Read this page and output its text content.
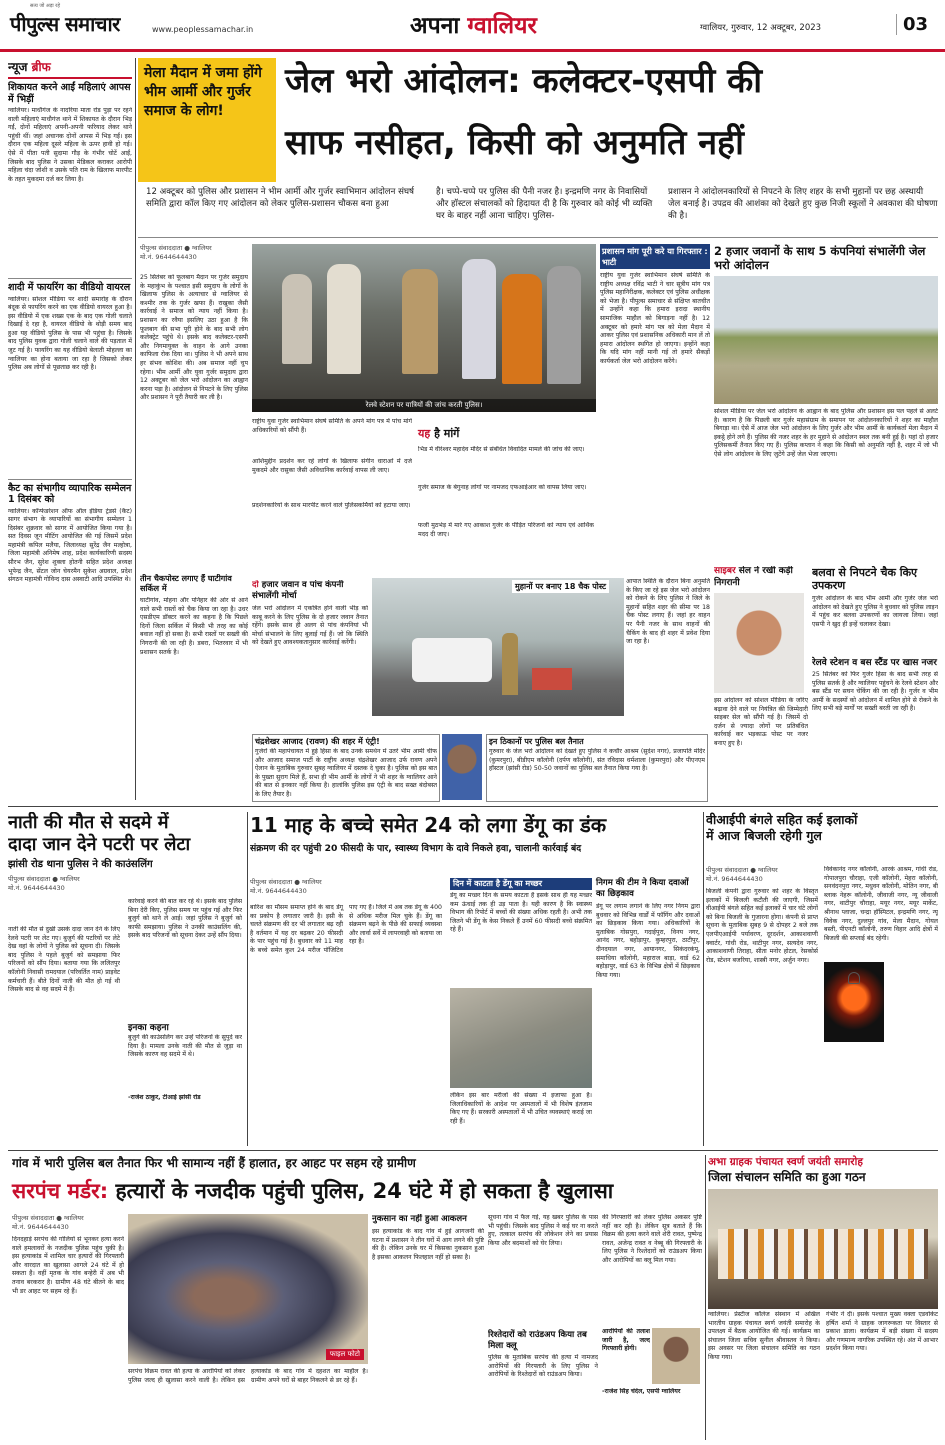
सत्य जो अड़ा रहे
पीपुल्स समाचार	www.peoplessamachar.in	अपना ग्वालियर	ग्वालियर, गुरुवार, 12 अक्टूबर, 2023	03
न्यूज ब्रीफ
शिकायत करने आईं महिलाएं आपस में भिड़ीं
ग्वालियर। माधौगंज के नादरिया माता रोड पुड़ा पर रहने वाली महिलाएं माधौगंज थाने में शिकायत के दौरान भिड़ गईं, दोनों महिलाएं अपनी-अपनी फरियाद लेकर थाने पहुंची थीं। जहां अचानक दोनों आपस में भिड़ गईं। इस दौरान एक महिला दूसरे महिला के ऊपर हावी हो गई। ऐसे में पीता पती सुदामा गौड़ के गंभीर चोटें आईं, जिसके बाद पुलिस ने उसका मेडिकल कराकर आरोपी महिला चंदा जोशी व उसके पति राम के खिलाफ मारपीट के तहत मुकदमा दर्ज कर लिया है।
शादी में फायरिंग का वीडियो वायरल
ग्वालियर। सोशल मीडिया पर शादी समारोह के दौरान बंदूक से फायरिंग करने का एक वीडियो वायरल हुआ है। इस वीडियो में एक शख्स एक के बाद एक गोली चलाते दिखाई दे रहा है, वायरल वीडियो के थोड़ी समय बाद हुआ यह वीडियो पुलिस के पास भी पहुंचा है। जिसके बाद पुलिस युवक द्वारा गोली चलाने वाले की पड़ताल में जुट गई है। फायरिंग का यह वीडियो बेलाती मोहल्ला का ग्वालियर का होना बताया जा रहा है जिसको लेकर पुलिस अब लोगों से पूछताछ कर रही है।
कैट का संभागीय व्यापारिक सम्मेलन 1 दिसंबर को
ग्वालियर। कॉन्फेडरेशन ऑफ ऑल इंडिया ट्रेडर्स (कैट) सागर संभाग के व्यापारियों का संभागीय सम्मेलन 1 दिसंबर शुक्रवार को सागर में आयोजित किया गया है। सत दिवस जून मीटिंग आयोजित की गई जिसमें प्रदेश महामंत्री कपिल मलैया, जिलाध्यक्ष सुरेंद्र जैन मल्होत्रा, जिला महामंत्री अनिमेष शाह, प्रदेश कार्यकारिणी सदस्य सौरभ जैन, सुरेश शुक्ला होतनी सहित प्रदेश अध्यक्ष भूपेन्द्र जैन, सेंटल जोन चेयरमैन सुकेश अग्रवाल, प्रदेश संगठन महामंत्री गोविन्द दास अस्वाटी आदि उपस्थित थे।
मेला मैदान में जमा होंगे भीम आर्मी और गुर्जर समाज के लोग!
जेल भरो आंदोलन: कलेक्टर-एसपी की
साफ नसीहत, किसी को अनुमति नहीं
12 अक्टूबर को पुलिस और प्रशासन ने भीम आर्मी और गुर्जर स्वाभिमान आंदोलन संघर्ष समिति द्वारा कॉल किए गए आंदोलन को लेकर पुलिस-प्रशासन चौकस बना हुआ
है। चप्पे-चप्पे पर पुलिस की पैनी नजर है। इन्द्रमणि नगर के निवासियों और हॉस्टल संचालकों को हिदायत दी है कि गुरुवार को कोई भी व्यक्ति घर के बाहर नहीं आना चाहिए। पुलिस-
प्रशासन ने आंदोलनकारियों से निपटने के लिए शहर के सभी मुहानों पर छह अस्थायी जेल बनाई है। उपद्रव की आशंका को देखते हुए कुछ निजी स्कूलों ने अवकाश की घोषणा की है।
पीपुल्स संवाददाता ● ग्वालियर
मो.नं. 9644644430
25 सितंबर को फूलबाग मैदान पर गुर्जर समुदाय के महाकुंभ के पश्चात इसी समुदाय के लोगों के खिलाफ पुलिस के अत्याचार से ग्वालियर से कश्मीर तक के गुर्जर खफा हैं। राखुका जैसी कार्रवाई ने समाज को न्याय नहीं किया है। प्रशासन का रवैया इसलिए उठा हुआ है कि फूलबाग की सभा पूरी होने के बाद सभी लोग कलेक्ट्रेट पहुंचे थे। इसके बाद कलेक्टर-एसपी और निगमायुक्त के वाहन के आगे उनका काफिला रोक दिया था। पुलिस ने भी अपने साथ हर संभव कोशिश की। अब समाज नहीं चुप रहेगा। भीम आर्मी और युवा गुर्जर समुदाय द्वारा 12 अक्टूबर को जेल भरो आंदोलन का आह्वान करना पड़ा है। आंदोलन से निपटने के लिए पुलिस और प्रशासन ने पूरी तैयारी कर ली है।
तीन चैकपोस्ट लगाए हैं घाटीगांव सर्किल में
घाटीगांव, मोहना और पनिहार की ओर से आने वाले सभी रास्तों को चैक किया जा रहा है। उधर एसडीएम डॉक्टर करने का कहना है कि पिछले दिनों जिला सर्किल में किसी भी तरह का कोई बवाल नहीं हो सका है। सभी रास्तों पर सख्ती की निगरानी की जा रही है। डबरा, भितरवार में भी प्रशासन सतर्क है।
रेलवे स्टेशन पर यात्रियों की जांच करती पुलिस।
राष्ट्रीय युवा गुर्जर स्वाभिमान संघर्ष समिति के अपने मांग पत्र में पांच मांगें अधिकारियों को सौंपी हैं।
आशिमुद्दीन प्रदर्शन कर रहे लोगों के खिलाफ संगीन धाराओं में दर्ज मुकदमे और रासुका जैसी अविधानिक कार्रवाई वापस ली जाए।
प्रदर्शनकारियों के साथ मारपीट करने वाले पुलिसकर्मियों को हटाया जाए।
यह है मांगें
भिंड में वीरेश्वर महादेव मंदिर से संबंधित विवादित मामले की जांच की जाए।
गुर्जर समाज के बेगुनाह लोगों पर नामजद एफआईआर को वापस लिया जाए।
फर्जी मुठभेड़ में मारे गए आकाश गुर्जर के पीड़ित परिजनों को न्याय एवं आर्थिक मदद दी जाए।
प्रशासन मांग पूरी करे या गिरफ्तार : भाटी
राष्ट्रीय युवा गुर्जर स्वाभिमान संघर्ष समिति के राष्ट्रीय अध्यक्ष रविंद्र भाटी ने चार सूत्रीय मांग पत्र पुलिस महानिरीक्षक, कलेक्टर एवं पुलिस अधीक्षक को भेजा है। पीपुल्स समाचार से संक्षिप्त बातचीत में उन्होंने कहा कि हमारा इरादा स्थानीय सामाजिक माहौल को बिगाड़ना नहीं है। 12 अक्टूबर को हमारे मांग पत्र को मेला मैदान में आकर पुलिस एवं प्रशासनिक अधिकारी मान लें तो हमारा आंदोलन स्थगित हो जाएगा। इन्होंने कहा कि यदि मांग नहीं मानी गई तो हमारे सैकड़ों कार्यकर्ता जेल भरो आंदोलन करेंगे।
2 हजार जवानों के साथ 5 कंपनियां संभालेंगी जेल भरो आंदोलन
सोशल मीडिया पर जेल भरो आंदोलन के आह्वान के बाद पुलिस और प्रशासन इस पल पहले से अलर्ट है। कारण है कि पिछली बार गुर्जर महासंग्राम के समापन पर आंदोलनकारियों ने शहर का माहौल बिगाड़ा था। ऐसे में आज जेल भरो आंदोलन के लिए गुर्जर और भीम आर्मी के कार्यकर्ता मेला मैदान में इकट्ठे होने लगे हैं। पुलिस की नजर शहर के हर मुहाने से आंदोलन स्थल तक बनी हुई है। यहां दो हजार पुलिसकर्मी तैनात किए गए हैं। पुलिस कप्तान ने कहा कि किसी को अनुमति नहीं है, शहर में जो भी ऐसे लोग आंदोलन के लिए जुटेंगे उन्हें जेल भेजा जाएगा।
दो हजार जवान व पांच कंपनी संभालेंगी मोर्चा
जेल भरो आंदोलन में एकत्रित होने वाली भीड़ को काबू करने के लिए पुलिस के दो हजार जवान तैनात रहेंगे। इसके साथ ही अलग से पांच कंपनियां भी मोर्चा संभालने के लिए बुलाई गई हैं। जो कि स्थिति को देखते हुए आवश्यकतानुसार कार्रवाई करेंगी।
मुहानों पर बनाए 18 चैक पोस्ट
आपात स्थिति के दौरान बिना अनुमति के किए जा रहे इस जेल भरो आंदोलन को रोकने के लिए पुलिस ने जिले के मुहानों सहित शहर की सीमा पर 18 चैक पोस्ट लगाए हैं। जहां हर वाहन पर पैनी नजर के साथ वाहनों की चैकिंग के बाद ही शहर में प्रवेश दिया जा रहा है।
साइबर सेल ने रखी कड़ी निगरानी
इस आंदोलन को सोशल मीडिया के जरिए बढ़ावा देने वाले पर नियंत्रित की जिम्मेदारी साइबर सेल को सौंपी गई है। जिसमें दो दर्जन से ज्यादा लोगों पर प्रतिबंधित कार्रवाई कर भड़काऊ पोस्ट पर नजर बनाए हुए है।
बलवा से निपटने चैक किए उपकरण
गुर्जर आंदोलन के बाद भीम आर्मी और गुर्जर जेल भरो आंदोलन को देखते हुए पुलिस ने बुधवार को पुलिस लाइन में पहुंच कर बलवा उपकरणों का जायजा लिया। जहां एसपी ने खुद ही इन्हें चलाकर देखा।
रेलवे स्टेशन व बस स्टैंड पर खास नजर
25 सितंबर को फिर गुर्जर हिंसा के बाद सभी तरह से पुलिस सतर्क है और ग्वालियर पहुंचने के रेलवे स्टेशन और बस स्टैंड पर सघन चेकिंग की जा रही है। गुर्जर व भीम आर्मी के सदस्यों को आंदोलन में शामिल होने से रोकने के लिए सभी बड़े मार्गों पर सख्ती बरती जा रही है।
चंद्रशेखर आजाद (रावण) की शहर में एंट्री!
गुर्जरों की महापंचायत में हुई हिंसा के बाद उनके समर्थन में उतरे भीम आर्मी चीफ और आजाद समाज पार्टी के राष्ट्रीय अध्यक्ष चंद्रशेखर आजाद उर्फ रावण अपने ऐलान के मुताबिक गुरुवार सुबह ग्वालियर में दस्तक दे चुका है। पुलिस को इस बात के पुख्ता सुराग मिले हैं, सभा ही भीम आर्मी के लोगों ने भी शहर के ग्वालियर आने की बात से इनकार नहीं किया है। हालांकि पुलिस इस एंट्री के बाद सख्त बंदोबस्त के लिए तैयार है।
इन ठिकानों पर पुलिस बल तैनात
गुरुवार के जेल भरो आंदोलन को देखते हुए पुलिस ने कचौर आश्रम (सुदेश नगर), प्रजापति मंदिर (कुमरपुरा), बीडीएम कॉलोनी (दर्पण कॉलोनी), संत रविदास धर्मशाला (कुमरपुरा) और पीएनएम हॉस्टल (झांसी रोड) 50-50 जवानों का पुलिस बल तैनात किया गया है।
नाती की मौत से सदमे में
दादा जान देने पटरी पर लेटा
झांसी रोड थाना पुलिस ने की काउंसलिंग
पीपुल्स संवाददाता ● ग्वालियर
मो.नं. 9644644430
नाती की मौत से दुखी उसके दादा जान देने के लिए रेलवे पटरी पर लेट गए। बुजुर्ग की पटरियों पर लेटे देख वहां के लोगों ने पुलिस को सूचना दी। जिसके बाद पुलिस ने पहले बुजुर्ग को समझाया फिर परिजनों को सौंप दिया। बताया गया कि ललितपुर कॉलोनी निवासी रामदयाल (परिवर्तित नाम) प्राइवेट कर्मचारी हैं। बीते दिनों नाती की मौत हो गई थी जिसके बाद से वह सदमे में हैं।
कार्रवाई करने की बात कर रहे थे। इसके बाद पुलिस बिना देरी किए, पुलिस समय पर पहुंच गई और फिर बुजुर्ग को थाने ले आई। जहां पुलिस ने बुजुर्ग को काफी समझाया। पुलिस ने उनकी काउंसलिंग की, इसके बाद परिजनों को सूचना देकर उन्हें सौंप दिया।
इनका कहना
बुजुर्ग की काउंसलिंग कर उन्हें परिजनों के सुपुर्द कर दिया है। मामला उनके नाती की मौत से जुड़ा था जिसके कारण वह सदमे में थे।
-राजेश ठाकुर, टीआई झांसी रोड
11 माह के बच्चे समेत 24 को लगा डेंगू का डंक
संक्रमण की दर पहुंची 20 फीसदी के पार, स्वास्थ्य विभाग के दावे निकले हवा, चालानी कार्रवाई बंद
पीपुल्स संवाददाता ● ग्वालियर
मो.नं. 9644644430
बारिश का मौसम समाप्त होने के बाद डेंगू का प्रकोप है लगातार जारी है। इसी के चलते संक्रमण की दर भी लगातार बढ़ रही है वर्तमान में यह दर बढ़कर 20 फीसदी के पार पहुंच गई है। बुधवार को 11 माह के बच्चे समेत कुल 24 मरीज पॉजिटिव पाए गए हैं। जिले में अब तक डेंगू के 400 से अधिक मरीज मिल चुके हैं। डेंगू का संक्रमण बढ़ने के पीछे की सफाई व्यवस्था और लार्वा सर्वे में लापरवाही को बताया जा रहा है।
दिन में काटता है डेंगू का मच्छर
डेंगू का मच्छर दिन के समय काटता है इसके साथ ही यह मच्छर कम ऊंचाई तक ही उड़ पाता है। यही कारण है कि स्वास्थ्य विभाग की रिपोर्ट में बच्चों की संख्या अधिक रहती है। अभी तक जितने भी डेंगू के केस निकले हैं उनमें 60 फीसदी बच्चे संक्रमित रहे हैं।
लेकिन इस बार मरीजों की संख्या में इजाफा हुआ है। जिलाधिकारियों के आदेश पर अस्पतालों में भी विशेष इंतजाम किए गए हैं। सरकारी अस्पतालों में भी उचित व्यवस्थाएं कराई जा रही हैं।
निगम की टीम ने किया दवाओं का छिड़काव
डेंगू पर लगाम लगाने के लिए नगर निगम द्वारा बुधवार को विभिन्न वार्डों में फॉगिंग और दवाओं का छिड़काव किया गया। अधिकारियों के मुताबिक गोसपुरा, गदाईपुरा, विनय नगर, आनंद नगर, बहोड़ापुर, कुम्हरपुरा, ठाटीपुर, दीनदयाल नगर, आयानगर, सिकंदरकंपू, समाधिया कॉलोनी, महाराज बाड़ा, वार्ड 62 बहोड़ापुर, वार्ड 63 के विभिन्न क्षेत्रों में छिड़काव किया गया।
वीआईपी बंगले सहित कई इलाकों
में आज बिजली रहेगी गुल
पीपुल्स संवाददाता ● ग्वालियर
मो.नं. 9644644430
बिजली कंपनी द्वारा गुरुवार को शहर के विस्तृत इलाकों में बिजली कटौती की जाएगी, जिसमें वीआईपी बंगले सहित कई इलाकों में चार घंटे लोगों को बिना बिजली के गुजारना होगा। कंपनी से प्राप्त सूचना के मुताबिक सुबह 9 से दोपहर 2 बजे तक एलपीएआईपी पर्यावरण, दूरदर्शन, आकाशवाणी क्वार्टर, गांधी रोड, थाटीपुर नगर, सत्यदेव नगर, आकाशवाणी तिराहा, सीता मनोर होटल, रेसकोर्स रोड, स्टेशन बजरिया, शास्त्री नगर, अर्जुन नगर।
विवेकानंद नगर कॉलोनी, आरके आश्रम, गांधी रोड, गोपालपुरा चौराहा, एजी कॉलोनी, मेहरा कॉलोनी, सनवंदनपुरा नगर, मधुवन कॉलोनी, मोतिन नगर, बी ब्लाक नेहरू कॉलोनी, जीवाजी नगर, न्यू जीवाजी नगर, थाटीपुर चौराहा, मयूर नगर, मयूर मार्केट, श्रीनाथ प्लाजा, चन्द्रा हॉस्पिटल, इन्द्रमणि नगर, न्यू विवेक नगर, दुल्लपुर गांव, मेला मैदान, गोयल बस्ती, पीएनटी कॉलोनी, तरुण विहार आदि क्षेत्रों में बिजली की सप्लाई बंद रहेगी।
गांव में भारी पुलिस बल तैनात फिर भी सामान्य नहीं हैं हालात, हर आहट पर सहम रहे ग्रामीण
सरपंच मर्डर: हत्यारों के नजदीक पहुंची पुलिस, 24 घंटे में हो सकता है खुलासा
पीपुल्स संवाददाता ● ग्वालियर
मो.नं. 9644644430
दिनदहाड़े सरपंच की गोलियों से भूनकर हत्या करने वाले हमलावरों के नजदीक पुलिस पहुंच चुकी है। इस हत्याकांड में शामिल चार हत्यारों की गिरफ्तारी और वारदात का खुलासा आगले 24 घंटे में हो सकता है। वहीं मृतक के गांव बन्हेरी में अब भी तनाव बरकरार है। ग्रामीण 48 घंटे बीतने के बाद भी डर आहट पर सहम रहे हैं।
फाइल फोटो
सरपंच विक्रम रावत की हत्या के आरोपियों को लेकर पुलिस जल्द ही खुलासा करने वाली है। लेकिन इस हत्याकांड के बाद गांव में दहशत का माहौल है। ग्रामीण अपने घरों से बाहर निकलने से डर रहे हैं।
नुकसान का नहीं हुआ आकलन
इस हत्याकांड के बाद गांव में हुई आगजनी की घटना में प्रशासन ने तीन घरों में आग लगने की पुष्टि की है। लेकिन उनके घर में किसका नुकसान हुआ है इसका आकलन फिलहाल नहीं हो सका है।
सूचना गांव में फैल गई, यह खबर पुलिस के पास भी पहुंची। जिसके बाद पुलिस ने कई घर ना करते हुए, तत्काल सरपंच की लोकेशन लेने का प्रयास किया और बदमाशों को घेर लिया।
रिश्तेदारों को राउंडअप किया तब मिला क्लू
पुलिस के मुताबिक सरपंच की हत्या में नामजद आरोपियों की गिरफ्तारी के लिए पुलिस ने आरोपियों के रिश्तेदारों को राउंडअप किया।
की गिरफ्तारी को लेकर पुलिस अकसर पुष्टि नहीं कर रही है। लेकिन सूत्र बताते हैं कि विक्रम की हत्या करने वाले शेरी रावत, पुष्पेन्द्र रावत, अजेन्द्र रावत व नेब्बू की गिरफ्तारी के लिए पुलिस ने रिश्तेदारों को राउंडअप किया और आरोपियों का क्लू मिल गया।
आरोपियों की तलाश जारी है, जल्द गिरफ्तारी होगी।
-राजेश सिंह चंदेल, एसपी ग्वालियर
अभा ग्राहक पंचायत स्वर्ण जयंती समारोह
जिला संचालन समिति का हुआ गठन
ग्वालियर। प्रेस्टीज कॉलेज संस्थान में अखिल भारतीय ग्राहक पंचायत स्वर्ण जयंती समारोह के उपलक्ष्य में बैठक आयोजित की गई। कार्यक्रम का संचालन जिला सचिव सुनील श्रीवास्तव ने किया। इस अवसर पर जिला संचालन समिति का गठन किया गया।
गंभीर ने दी। इसके पश्चात मुख्य वक्ता एडवोकेट हर्षित शर्मा ने ग्राहक जागरूकता पर विस्तार से प्रकाश डाला। कार्यक्रम में बड़ी संख्या में सदस्य और गणमान्य नागरिक उपस्थित रहे। अंत में आभार प्रदर्शन किया गया।
